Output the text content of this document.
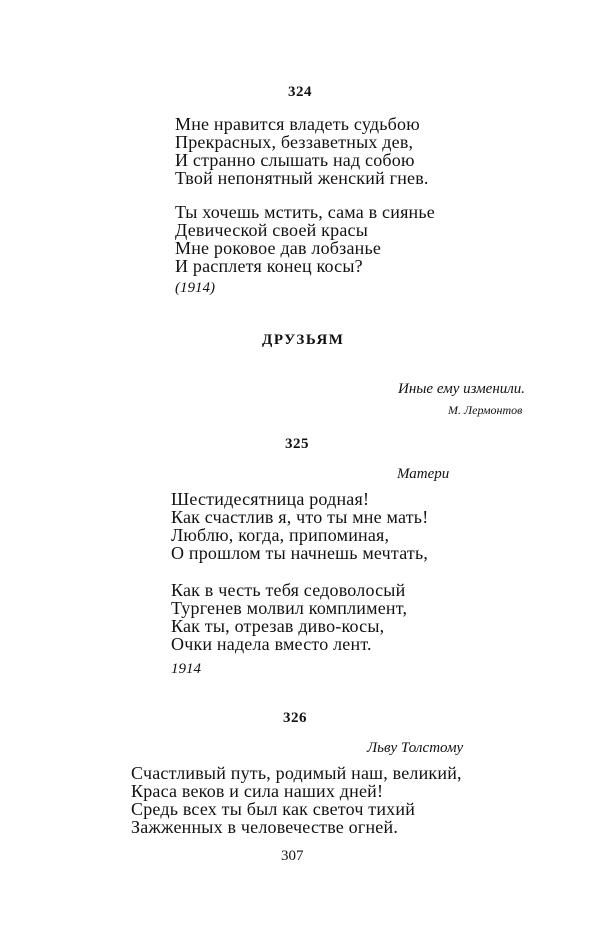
324
Мне нравится владеть судьбою
Прекрасных, беззаветных дев,
И странно слышать над собою
Твой непонятный женский гнев.
Ты хочешь мстить, сама в сиянье
Девической своей красы
Мне роковое дав лобзанье
И расплетя конец косы?
(1914)
ДРУЗЬЯМ
Иные ему изменили.
М. Лермонтов
325
Матери
Шестидесятница родная!
Как счастлив я, что ты мне мать!
Люблю, когда, припоминая,
О прошлом ты начнешь мечтать,
Как в честь тебя седоволосый
Тургенев молвил комплимент,
Как ты, отрезав диво-косы,
Очки надела вместо лент.
1914
326
Льву Толстому
Счастливый путь, родимый наш, великий,
Краса веков и сила наших дней!
Средь всех ты был как светоч тихий
Зажженных в человечестве огней.
307
